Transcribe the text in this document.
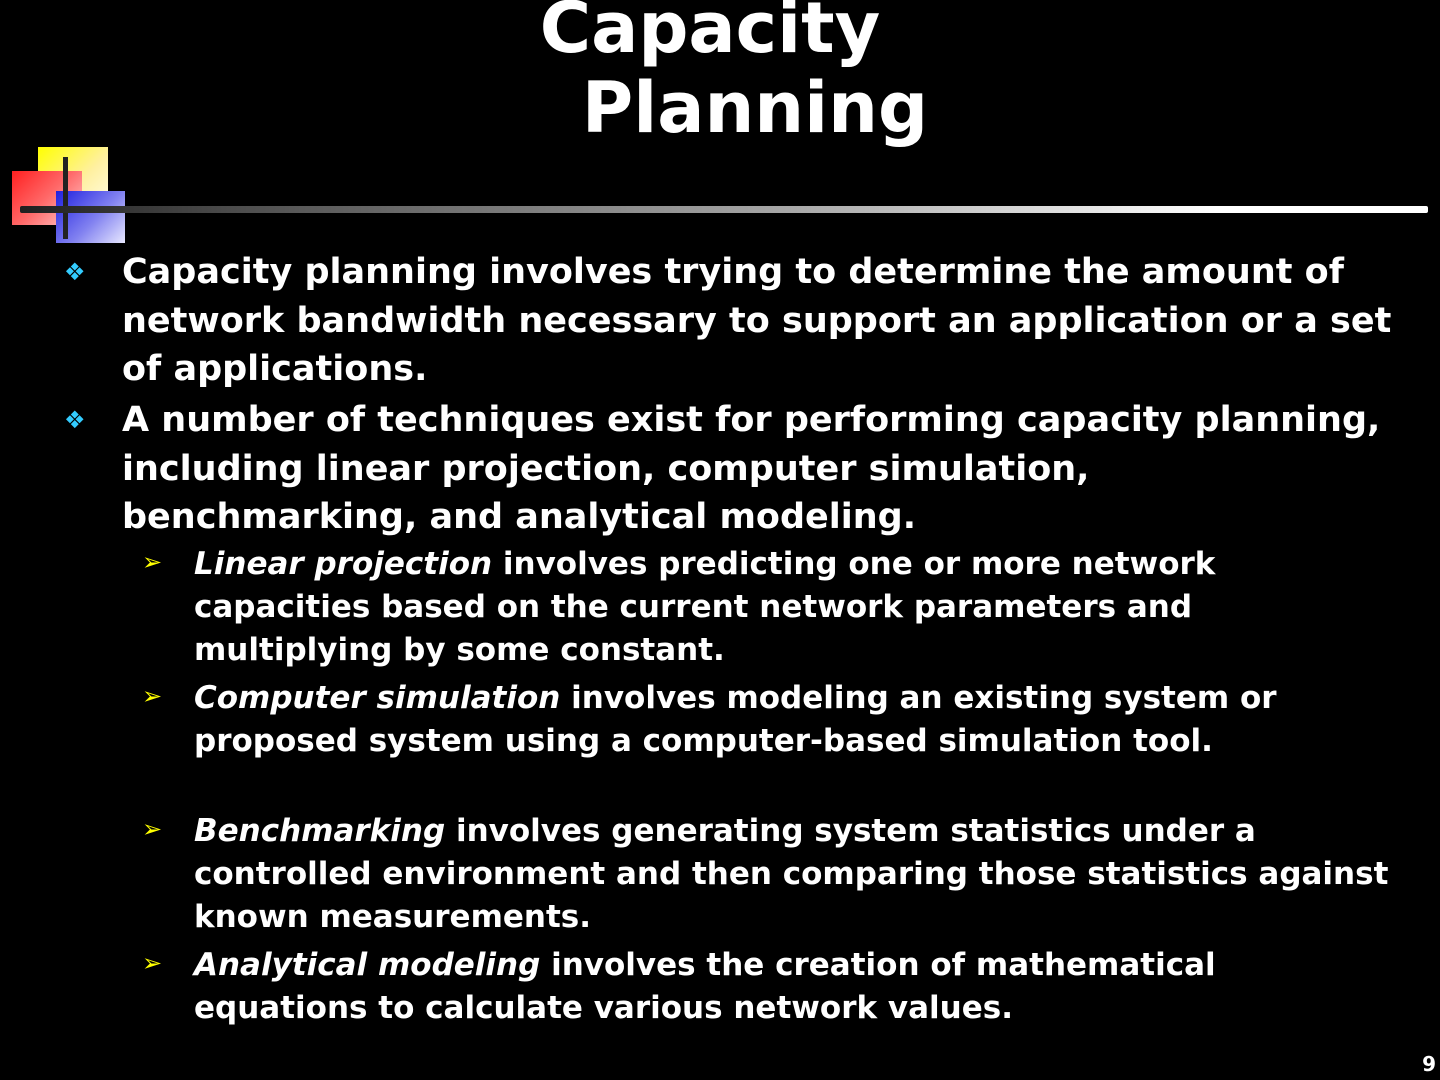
Capacity
Planning
❖ Capacity planning involves trying to determine the amount of network bandwidth necessary to support an application or a set of applications.
❖ A number of techniques exist for performing capacity planning, including linear projection, computer simulation, benchmarking, and analytical modeling.
➢ Linear projection involves predicting one or more network capacities based on the current network parameters and multiplying by some constant.
➢ Computer simulation involves modeling an existing system or proposed system using a computer-based simulation tool.
➢ Benchmarking involves generating system statistics under a controlled environment and then comparing those statistics against known measurements.
➢ Analytical modeling involves the creation of mathematical equations to calculate various network values.
9
